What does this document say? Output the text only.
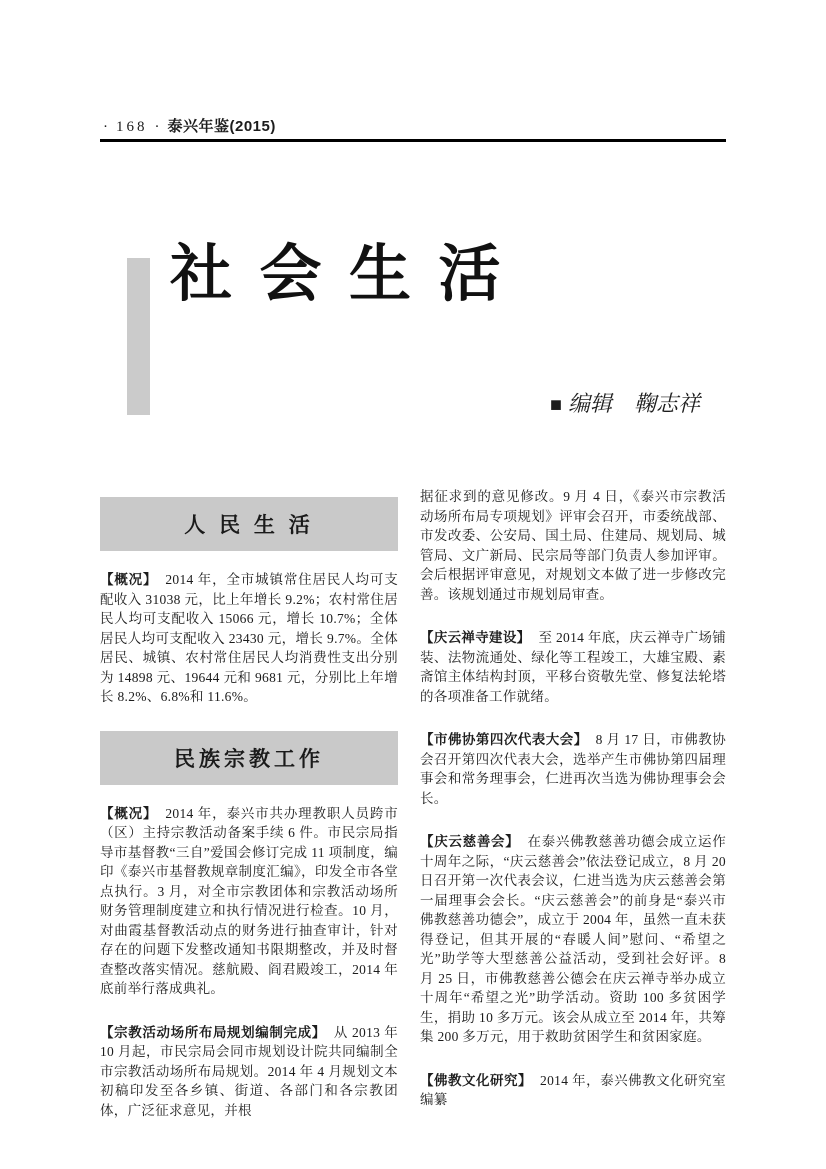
· 168 · 泰兴年鉴(2015)
社 会 生 活
■ 编辑 鞠志祥
人 民 生 活

【概况】 2014 年，全市城镇常住居民人均可支配收入 31038 元，比上年增长 9.2%；农村常住居民人均可支配收入 15066 元，增长 10.7%；全体居民人均可支配收入 23430 元，增长 9.7%。全体居民、城镇、农村常住居民人均消费性支出分别为 14898 元、19644 元和 9681 元，分别比上年增长 8.2%、6.8%和 11.6%。

民族宗教工作

【概况】 2014 年，泰兴市共办理教职人员跨市（区）主持宗教活动备案手续 6 件。市民宗局指导市基督教“三自”爱国会修订完成 11 项制度，编印《泰兴市基督教规章制度汇编》，印发全市各堂点执行。3 月，对全市宗教团体和宗教活动场所财务管理制度建立和执行情况进行检查。10 月，对曲霞基督教活动点的财务进行抽查审计，针对存在的问题下发整改通知书限期整改，并及时督查整改落实情况。慈航殿、阎君殿竣工，2014 年底前举行落成典礼。

【宗教活动场所布局规划编制完成】 从 2013 年 10 月起，市民宗局会同市规划设计院共同编制全市宗教活动场所布局规划。2014 年 4 月规划文本初稿印发至各乡镇、街道、各部门和各宗教团体，广泛征求意见，并根

据征求到的意见修改。9 月 4 日，《泰兴市宗教活动场所布局专项规划》评审会召开，市委统战部、市发改委、公安局、国土局、住建局、规划局、城管局、文广新局、民宗局等部门负责人参加评审。会后根据评审意见，对规划文本做了进一步修改完善。该规划通过市规划局审查。

【庆云禅寺建设】 至 2014 年底，庆云禅寺广场铺装、法物流通处、绿化等工程竣工，大雄宝殿、素斋馆主体结构封顶，平移台资敬先堂、修复法轮塔的各项准备工作就绪。

【市佛协第四次代表大会】 8 月 17 日，市佛教协会召开第四次代表大会，选举产生市佛协第四届理事会和常务理事会，仁进再次当选为佛协理事会会长。

【庆云慈善会】 在泰兴佛教慈善功德会成立运作十周年之际，“庆云慈善会”依法登记成立，8 月 20 日召开第一次代表会议，仁进当选为庆云慈善会第一届理事会会长。“庆云慈善会”的前身是“泰兴市佛教慈善功德会”，成立于 2004 年，虽然一直未获得登记，但其开展的“春暖人间”慰问、“希望之光”助学等大型慈善公益活动，受到社会好评。8 月 25 日，市佛教慈善公德会在庆云禅寺举办成立十周年“希望之光”助学活动。资助 100 多贫困学生，捐助 10 多万元。该会从成立至 2014 年，共筹集 200 多万元，用于救助贫困学生和贫困家庭。

【佛教文化研究】 2014 年，泰兴佛教文化研究室编纂
